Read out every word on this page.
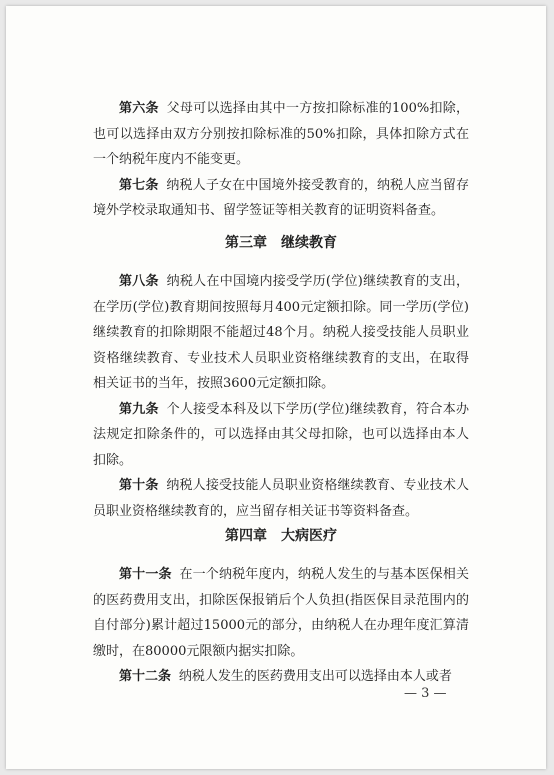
第六条 父母可以选择由其中一方按扣除标准的100%扣除，也可以选择由双方分别按扣除标准的50%扣除，具体扣除方式在一个纳税年度内不能变更。

第七条 纳税人子女在中国境外接受教育的，纳税人应当留存境外学校录取通知书、留学签证等相关教育的证明资料备查。

第三章　继续教育

第八条 纳税人在中国境内接受学历(学位)继续教育的支出，在学历(学位)教育期间按照每月400元定额扣除。同一学历(学位)继续教育的扣除期限不能超过48个月。纳税人接受技能人员职业资格继续教育、专业技术人员职业资格继续教育的支出，在取得相关证书的当年，按照3600元定额扣除。

第九条 个人接受本科及以下学历(学位)继续教育，符合本办法规定扣除条件的，可以选择由其父母扣除，也可以选择由本人扣除。

第十条 纳税人接受技能人员职业资格继续教育、专业技术人员职业资格继续教育的，应当留存相关证书等资料备查。

第四章　大病医疗

第十一条 在一个纳税年度内，纳税人发生的与基本医保相关的医药费用支出，扣除医保报销后个人负担(指医保目录范围内的自付部分)累计超过15000元的部分，由纳税人在办理年度汇算清缴时，在80000元限额内据实扣除。

第十二条 纳税人发生的医药费用支出可以选择由本人或者

— 3 —
